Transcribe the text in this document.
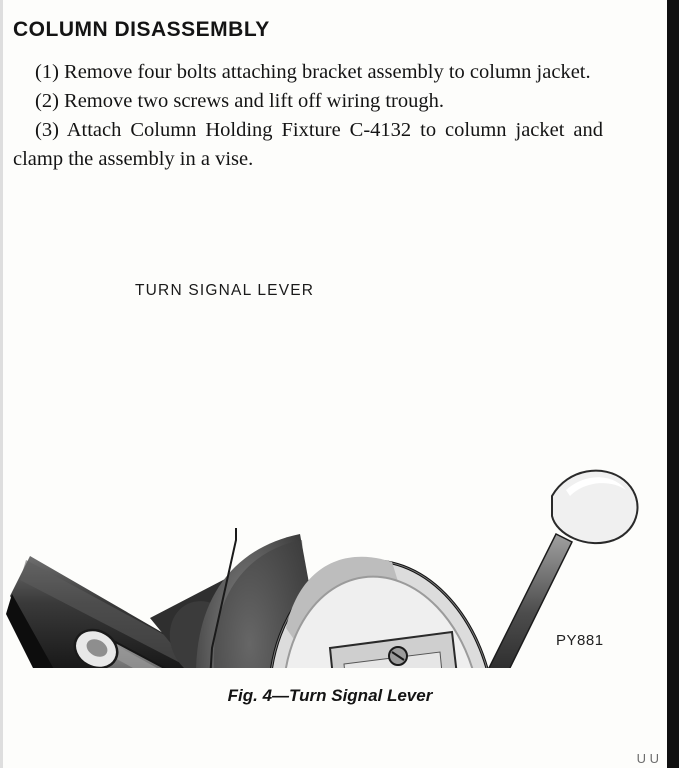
COLUMN DISASSEMBLY

(1) Remove four bolts attaching bracket assembly to column jacket.

(2) Remove two screws and lift off wiring trough.

(3) Attach Column Holding Fixture C-4132 to column jacket and clamp the assembly in a vise.

TURN SIGNAL LEVER
PY881
Fig. 4—Turn Signal Lever
U U
